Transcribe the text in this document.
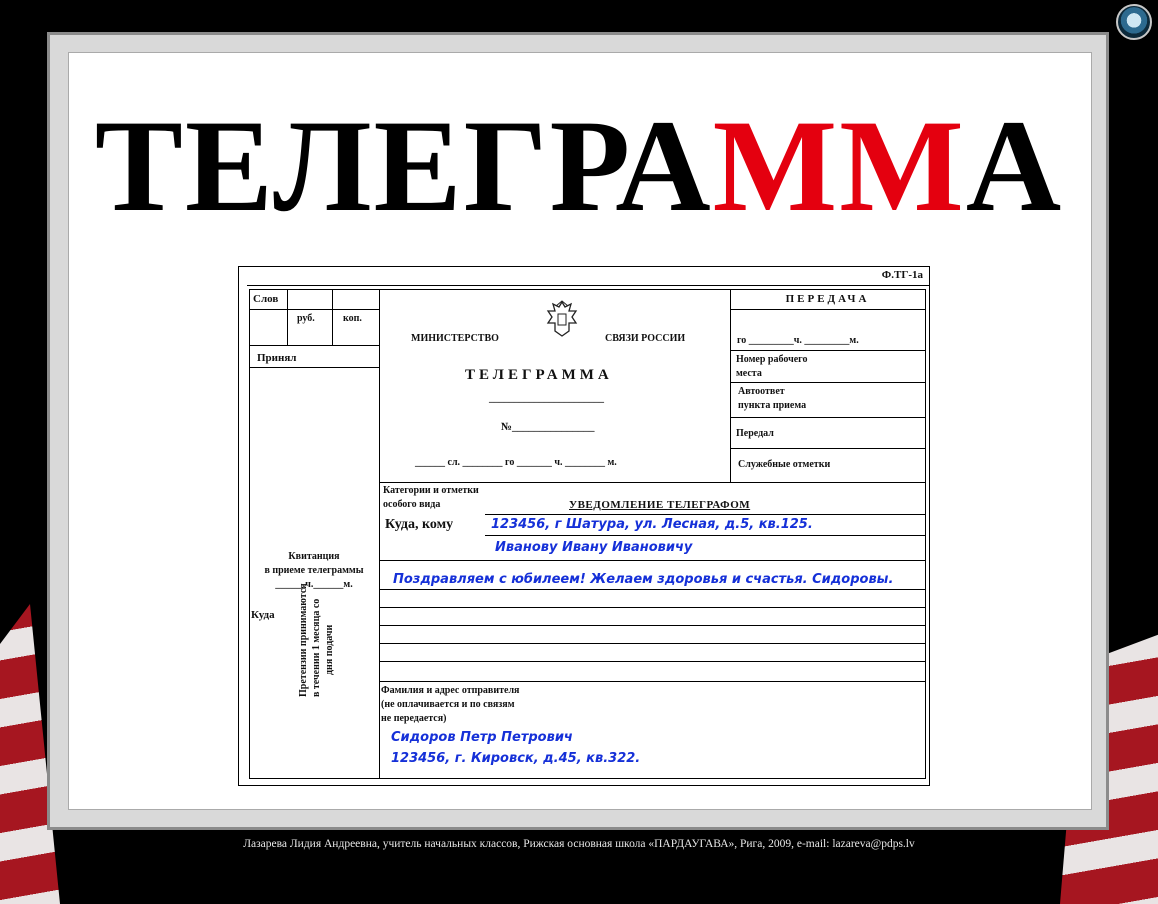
ТЕЛЕГРАММА
Ф.ТГ-1а
Слов
руб.	коп.
Принял
Квитанция
в приеме телеграммы
______ч.______м.
Куда Претензии принимаются в течении 1 месяца со дня подачи
МИНИСТЕРСТВО	СВЯЗИ РОССИИ
ТЕЛЕГРАММА
_______________________
№_______________
______ сл. ________ го _______ ч. ________ м.
ПЕРЕДАЧА
го _________ч. _________м.
Номер рабочего
места
Автоответ
пункта приема
Передал
Служебные отметки
Категории и отметки
особого вида	УВЕДОМЛЕНИЕ ТЕЛЕГРАФОМ
Куда, кому	123456, г Шатура, ул. Лесная, д.5, кв.125.
Иванову Ивану Ивановичу
Поздравляем с юбилеем! Желаем здоровья и счастья. Сидоровы.
Фамилия и адрес отправителя
(не оплачивается и по связям
не передается)
Сидоров Петр Петрович
123456, г. Кировск, д.45, кв.322.
Лазарева Лидия Андреевна, учитель начальных классов, Рижская основная школа «ПАРДАУГАВА», Рига, 2009, e-mail: lazareva@pdps.lv
